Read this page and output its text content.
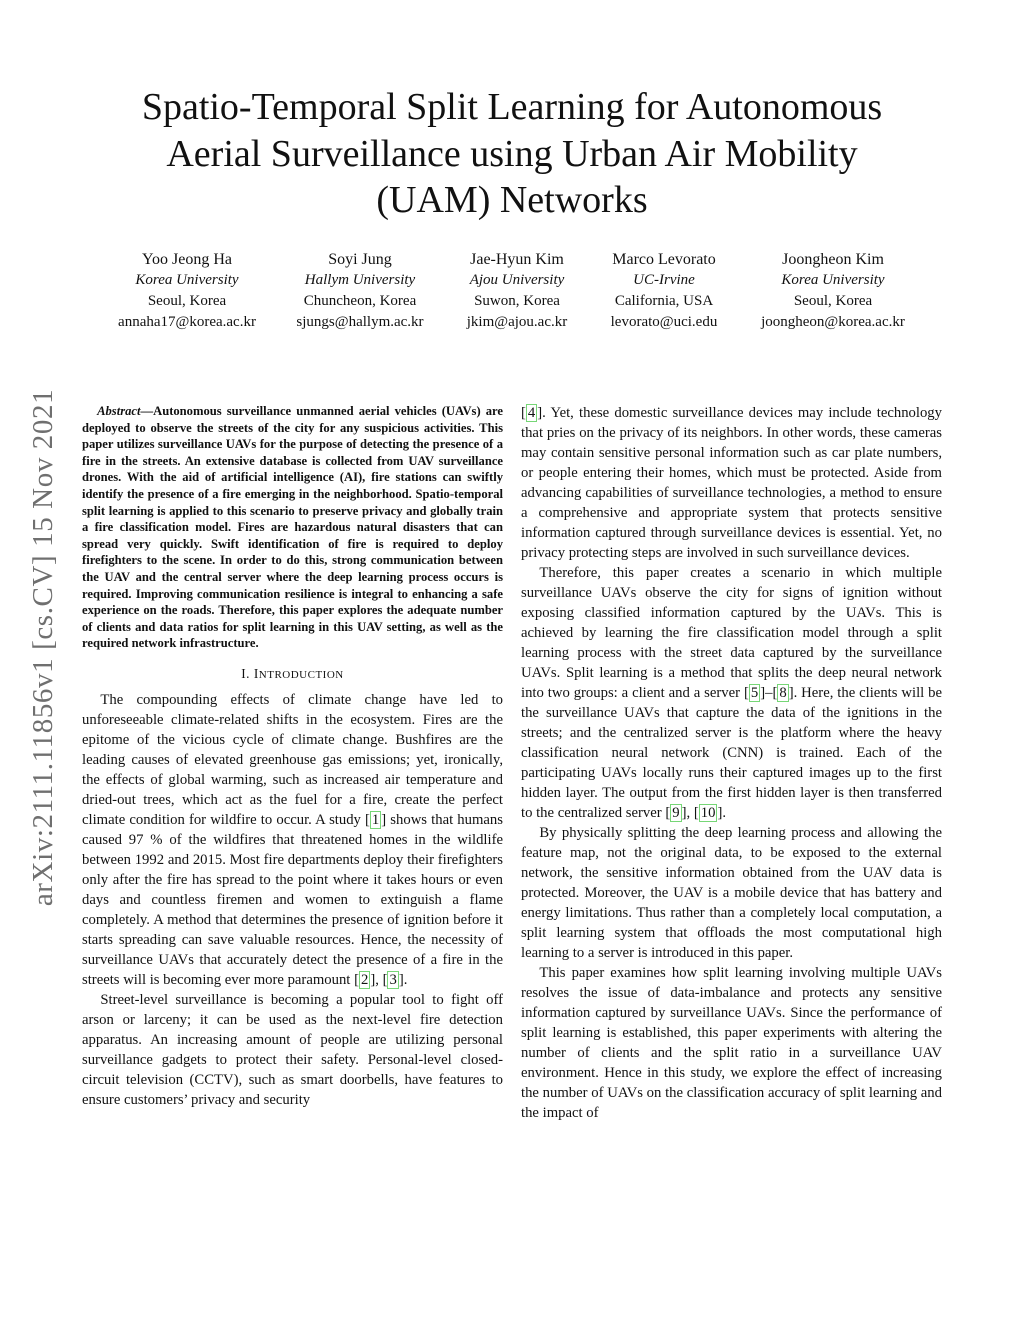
arXiv:2111.11856v1 [cs.CV] 15 Nov 2021
Spatio-Temporal Split Learning for Autonomous
Aerial Surveillance using Urban Air Mobility
(UAM) Networks
Yoo Jeong Ha
Korea University
Seoul, Korea
annaha17@korea.ac.kr
Soyi Jung
Hallym University
Chuncheon, Korea
sjungs@hallym.ac.kr
Jae-Hyun Kim
Ajou University
Suwon, Korea
jkim@ajou.ac.kr
Marco Levorato
UC-Irvine
California, USA
levorato@uci.edu
Joongheon Kim
Korea University
Seoul, Korea
joongheon@korea.ac.kr

Abstract—Autonomous surveillance unmanned aerial vehicles (UAVs) are deployed to observe the streets of the city for any suspicious activities. This paper utilizes surveillance UAVs for the purpose of detecting the presence of a fire in the streets. An extensive database is collected from UAV surveillance drones. With the aid of artificial intelligence (AI), fire stations can swiftly identify the presence of a fire emerging in the neighborhood. Spatio-temporal split learning is applied to this scenario to preserve privacy and globally train a fire classification model. Fires are hazardous natural disasters that can spread very quickly. Swift identification of fire is required to deploy firefighters to the scene. In order to do this, strong communication between the UAV and the central server where the deep learning process occurs is required. Improving communication resilience is integral to enhancing a safe experience on the roads. Therefore, this paper explores the adequate number of clients and data ratios for split learning in this UAV setting, as well as the required network infrastructure.

I. INTRODUCTION

The compounding effects of climate change have led to unforeseeable climate-related shifts in the ecosystem. Fires are the epitome of the vicious cycle of climate change. Bushfires are the leading causes of elevated greenhouse gas emissions; yet, ironically, the effects of global warming, such as increased air temperature and dried-out trees, which act as the fuel for a fire, create the perfect climate condition for wildfire to occur. A study [ 1 ] shows that humans caused 97 % of the wildfires that threatened homes in the wildlife between 1992 and 2015. Most fire departments deploy their firefighters only after the fire has spread to the point where it takes hours or even days and countless firemen and women to extinguish a flame completely. A method that determines the presence of ignition before it starts spreading can save valuable resources. Hence, the necessity of surveillance UAVs that accurately detect the presence of a fire in the streets will is becoming ever more paramount [ 2 ], [ 3 ].

Street-level surveillance is becoming a popular tool to fight off arson or larceny; it can be used as the next-level fire detection apparatus. An increasing amount of people are utilizing personal surveillance gadgets to protect their safety. Personal-level closed-circuit television (CCTV), such as smart doorbells, have features to ensure customers’ privacy and security

[ 4 ]. Yet, these domestic surveillance devices may include technology that pries on the privacy of its neighbors. In other words, these cameras may contain sensitive personal information such as car plate numbers, or people entering their homes, which must be protected. Aside from advancing capabilities of surveillance technologies, a method to ensure a comprehensive and appropriate system that protects sensitive information captured through surveillance devices is essential. Yet, no privacy protecting steps are involved in such surveillance devices.

Therefore, this paper creates a scenario in which multiple surveillance UAVs observe the city for signs of ignition without exposing classified information captured by the UAVs. This is achieved by learning the fire classification model through a split learning process with the street data captured by the surveillance UAVs. Split learning is a method that splits the deep neural network into two groups: a client and a server [ 5 ]–[ 8 ]. Here, the clients will be the surveillance UAVs that capture the data of the ignitions in the streets; and the centralized server is the platform where the heavy classification neural network (CNN) is trained. Each of the participating UAVs locally runs their captured images up to the first hidden layer. The output from the first hidden layer is then transferred to the centralized server [ 9 ], [ 10 ].

By physically splitting the deep learning process and allowing the feature map, not the original data, to be exposed to the external network, the sensitive information obtained from the UAV data is protected. Moreover, the UAV is a mobile device that has battery and energy limitations. Thus rather than a completely local computation, a split learning system that offloads the most computational high learning to a server is introduced in this paper.

This paper examines how split learning involving multiple UAVs resolves the issue of data-imbalance and protects any sensitive information captured by surveillance UAVs. Since the performance of split learning is established, this paper experiments with altering the number of clients and the split ratio in a surveillance UAV environment. Hence in this study, we explore the effect of increasing the number of UAVs on the classification accuracy of split learning and the impact of
